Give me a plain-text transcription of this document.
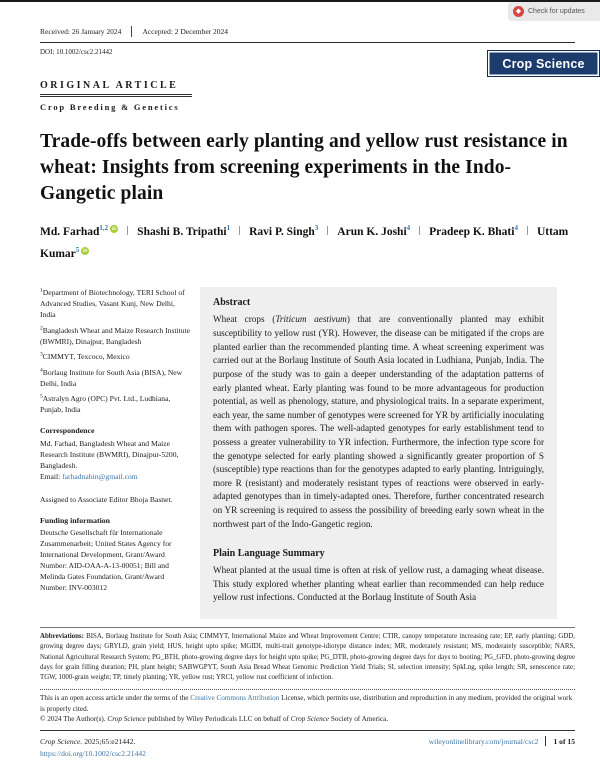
◆ Check for updates
Received: 26 January 2024	Accepted: 2 December 2024
DOI: 10.1002/csc2.21442
ORIGINAL ARTICLE
Crop Breeding & Genetics
Trade-offs between early planting and yellow rust resistance in wheat: Insights from screening experiments in the Indo-Gangetic plain
Md. Farhad$^{1,2}$ iD Shashi B. Tripathi$^1$ Ravi P. Singh$^3$ Arun K. Joshi$^4$ Pradeep K. Bhati$^4$ Uttam Kumar$^5$ iD
$^1$Department of Biotechnology, TERI School of Advanced Studies, Vasant Kunj, New Delhi, India
$^2$Bangladesh Wheat and Maize Research Institute (BWMRI), Dinajpur, Bangladesh
$^3$CIMMYT, Texcoco, Mexico
$^4$Borlaug Institute for South Asia (BISA), New Delhi, India
$^5$Astralyn Agro (OPC) Pvt. Ltd., Ludhiana, Punjab, India
Correspondence
Md. Farhad, Bangladesh Wheat and Maize Research Institute (BWMRI), Dinajpur-5200, Bangladesh.
Email: farhadnabin@gmail.com
Assigned to Associate Editor Bhoja Basnet.
Funding information
Deutsche Gesellschaft für Internationale Zusammenarbeit; United States Agency for International Development, Grant/Award Number: AID-OAA-A-13-00051; Bill and Melinda Gates Foundation, Grant/Award Number: INV-003012
Abstract
Wheat crops (Triticum aestivum) that are conventionally planted may exhibit susceptibility to yellow rust (YR). However, the disease can be mitigated if the crops are planted earlier than the recommended planting time. A wheat screening experiment was carried out at the Borlaug Institute of South Asia located in Ludhiana, Punjab, India. The purpose of the study was to gain a deeper understanding of the adaptation patterns of early planted wheat. Early planting was found to be more advantageous for production potential, as well as phenology, stature, and physiological traits. In a separate experiment, each year, the same number of genotypes were screened for YR by artificially inoculating them with pathogen spores. The well-adapted genotypes for early establishment tend to possess a greater vulnerability to YR infection. Furthermore, the infection type score for the genotype selected for early planting showed a significantly greater proportion of S (susceptible) type reactions than for the genotypes adapted to early planting. Intriguingly, more R (resistant) and moderately resistant types of reactions were observed in early-adapted genotypes than in timely-adapted ones. Therefore, further concentrated research on YR screening is required to assess the possibility of breeding early sown wheat in the northwest part of the Indo-Gangetic region.
Plain Language Summary
Wheat planted at the usual time is often at risk of yellow rust, a damaging wheat disease. This study explored whether planting wheat earlier than recommended can help reduce yellow rust infections. Conducted at the Borlaug Institute of South Asia
Crop Science
Abbreviations: BISA, Borlaug Institute for South Asia; CIMMYT, International Maize and Wheat Improvement Centre; CTIR, canopy temperature increasing rate; EP, early planting; GDD, growing degree days; GRYLD, grain yield; HUS, height upto spike; MGIDI, multi-trait genotype-idiotype distance index; MR, moderately resistant; MS, moderately susceptible; NARS, National Agricultural Research System; PG_BTH, photo-growing degree days for height upto spike; PG_DTB, photo-growing degree days for days to booting; PG_GFD, photo-growing degree days for grain filling duration; PH, plant height; SABWGPYT, South Asia Bread Wheat Genomic Prediction Yield Trials; SI, selection intensity; SpkLng, spike length; SR, senescence rate; TGW, 1000-grain weight; TP, timely planting; YR, yellow rust; YRCI, yellow rust coefficient of infection.
This is an open access article under the terms of the Creative Commons Attribution License, which permits use, distribution and reproduction in any medium, provided the original work is properly cited.
© 2024 The Author(s). Crop Science published by Wiley Periodicals LLC on behalf of Crop Science Society of America.
Crop Science. 2025;65:e21442.
https://doi.org/10.1002/csc2.21442
wileyonlinelibrary.com/journal/csc2 1 of 15
